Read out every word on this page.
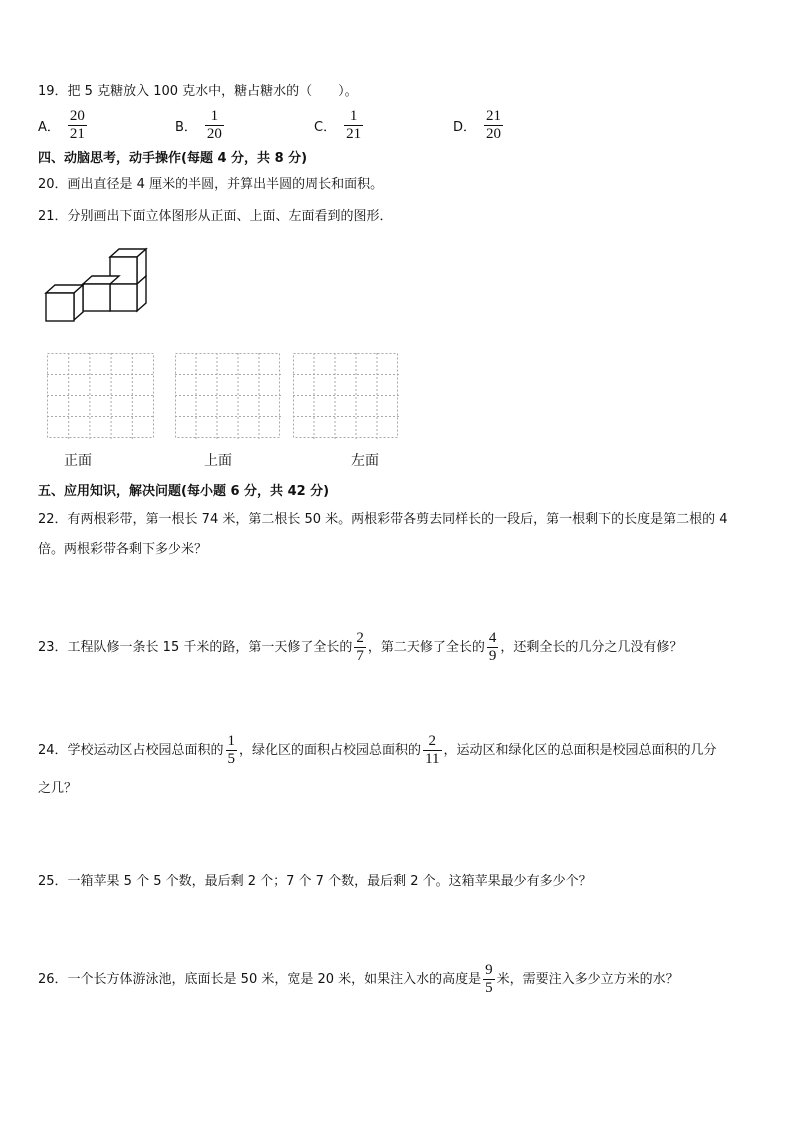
19．把 5 克糖放入 100 克水中，糖占糖水的（　　）。
A． $\frac{20}{21}$	B． $\frac{1}{20}$	C． $\frac{1}{21}$	D． $\frac{21}{20}$
四、动脑思考，动手操作(每题 4 分，共 8 分)
20．画出直径是 4 厘米的半圆，并算出半圆的周长和面积。
21．分别画出下面立体图形从正面、上面、左面看到的图形．
正面	上面	左面
五、应用知识，解决问题(每小题 6 分，共 42 分)
22．有两根彩带，第一根长 74 米，第二根长 50 米。两根彩带各剪去同样长的一段后，第一根剩下的长度是第二根的 4
倍。两根彩带各剩下多少米？
23．工程队修一条长 15 千米的路，第一天修了全长的 $\frac{2}{7}$ ，第二天修了全长的 $\frac{4}{9}$ ，还剩全长的几分之几没有修？
24．学校运动区占校园总面积的 $\frac{1}{5}$ ，绿化区的面积占校园总面积的 $\frac{2}{11}$ ，运动区和绿化区的总面积是校园总面积的几分
之几？
25．一箱苹果 5 个 5 个数，最后剩 2 个；7 个 7 个数，最后剩 2 个。这箱苹果最少有多少个？
26．一个长方体游泳池，底面长是 50 米，宽是 20 米，如果注入水的高度是 $\frac{9}{5}$ 米，需要注入多少立方米的水？
